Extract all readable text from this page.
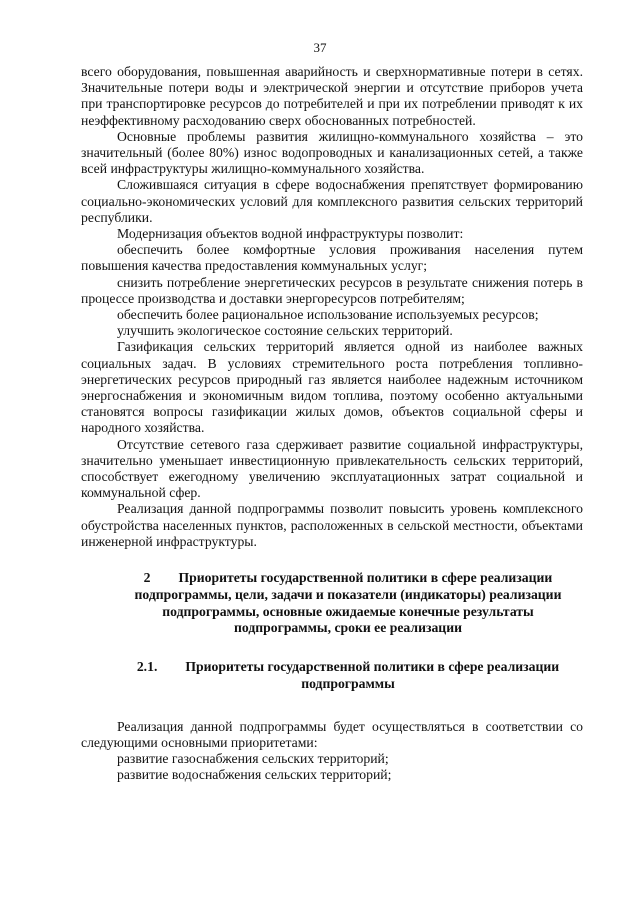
37

всего оборудования, повышенная аварийность и сверхнормативные потери в сетях. Значительные потери воды и электрической энергии и отсутствие приборов учета при транспортировке ресурсов до потребителей и при их потреблении приводят к их неэффективному расходованию сверх обоснованных потребностей.

Основные проблемы развития жилищно-коммунального хозяйства – это значительный (более 80%) износ водопроводных и канализационных сетей, а также всей инфраструктуры жилищно-коммунального хозяйства.

Сложившаяся ситуация в сфере водоснабжения препятствует формированию социально-экономических условий для комплексного развития сельских территорий республики.

Модернизация объектов водной инфраструктуры позволит:

обеспечить более комфортные условия проживания населения путем повышения качества предоставления коммунальных услуг;

снизить потребление энергетических ресурсов в результате снижения потерь в процессе производства и доставки энергоресурсов потребителям;

обеспечить более рациональное использование используемых ресурсов;

улучшить экологическое состояние сельских территорий.

Газификация сельских территорий является одной из наиболее важных социальных задач. В условиях стремительного роста потребления топливно-энергетических ресурсов природный газ является наиболее надежным источником энергоснабжения и экономичным видом топлива, поэтому особенно актуальными становятся вопросы газификации жилых домов, объектов социальной сферы и народного хозяйства.

Отсутствие сетевого газа сдерживает развитие социальной инфраструктуры, значительно уменьшает инвестиционную привлекательность сельских территорий, способствует ежегодному увеличению эксплуатационных затрат социальной и коммунальной сфер.

Реализация данной подпрограммы позволит повысить уровень комплексного обустройства населенных пунктов, расположенных в сельской местности, объектами инженерной инфраструктуры.

2 Приоритеты государственной политики в сфере реализации подпрограммы, цели, задачи и показатели (индикаторы) реализации подпрограммы, основные ожидаемые конечные результаты подпрограммы, сроки ее реализации
2.1. Приоритеты государственной политики в сфере реализации подпрограммы

Реализация данной подпрограммы будет осуществляться в соответствии со следующими основными приоритетами:

развитие газоснабжения сельских территорий;

развитие водоснабжения сельских территорий;
